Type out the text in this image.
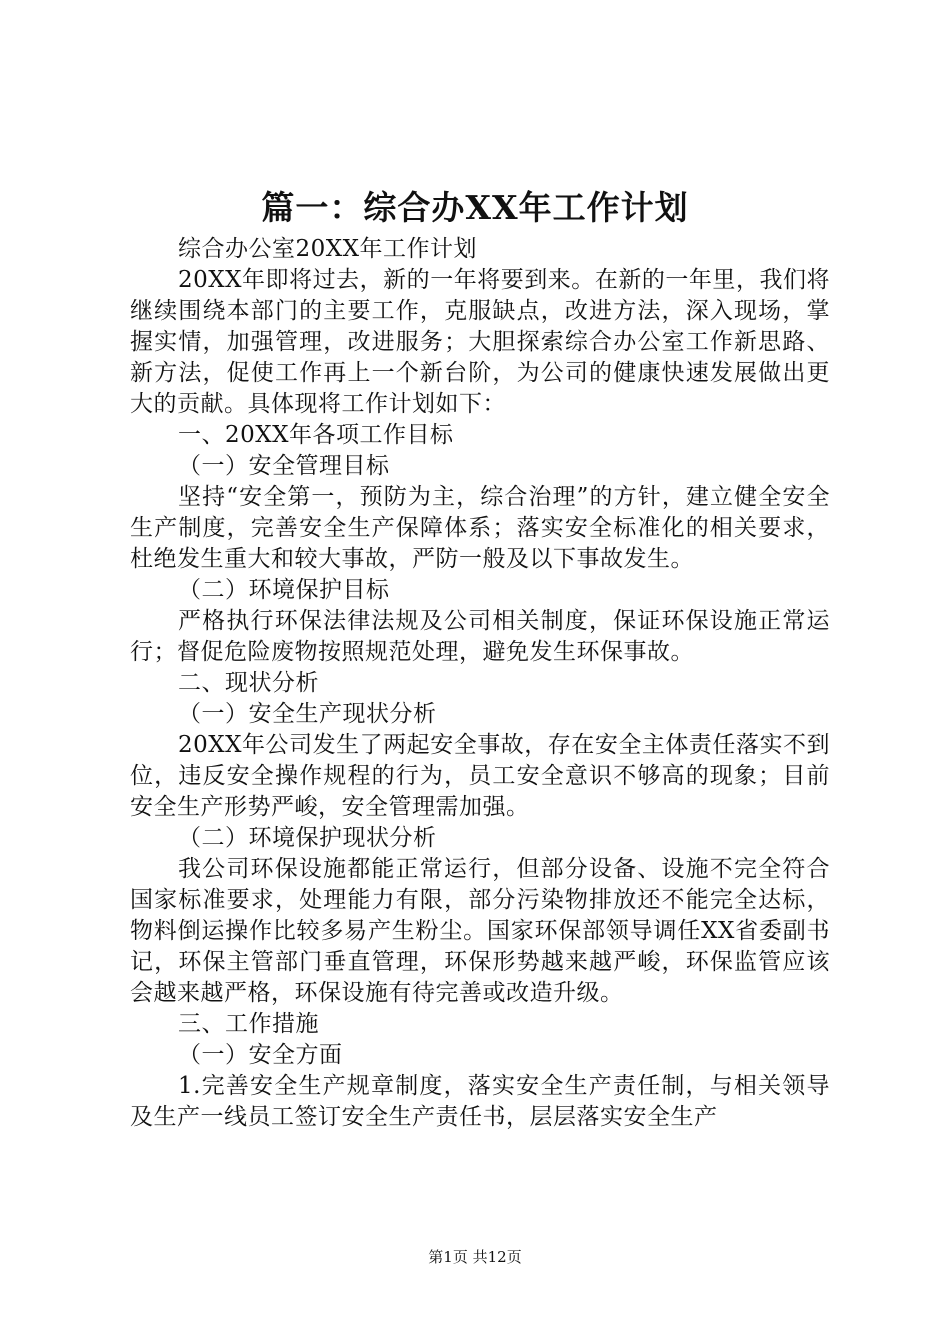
篇一：综合办XX年工作计划

综合办公室20XX年工作计划

20XX年即将过去，新的一年将要到来。在新的一年里，我们将继续围绕本部门的主要工作，克服缺点，改进方法，深入现场，掌握实情，加强管理，改进服务；大胆探索综合办公室工作新思路、新方法，促使工作再上一个新台阶，为公司的健康快速发展做出更大的贡献。具体现将工作计划如下：

一、20XX年各项工作目标

（一）安全管理目标

坚持“安全第一，预防为主，综合治理”的方针，建立健全安全生产制度，完善安全生产保障体系；落实安全标准化的相关要求，杜绝发生重大和较大事故，严防一般及以下事故发生。

（二）环境保护目标

严格执行环保法律法规及公司相关制度，保证环保设施正常运行；督促危险废物按照规范处理，避免发生环保事故。

二、现状分析

（一）安全生产现状分析

20XX年公司发生了两起安全事故，存在安全主体责任落实不到位，违反安全操作规程的行为，员工安全意识不够高的现象；目前安全生产形势严峻，安全管理需加强。

（二）环境保护现状分析

我公司环保设施都能正常运行，但部分设备、设施不完全符合国家标准要求，处理能力有限，部分污染物排放还不能完全达标，物料倒运操作比较多易产生粉尘。国家环保部领导调任XX省委副书记，环保主管部门垂直管理，环保形势越来越严峻，环保监管应该会越来越严格，环保设施有待完善或改造升级。

三、工作措施

（一）安全方面

1.完善安全生产规章制度，落实安全生产责任制，与相关领导及生产一线员工签订安全生产责任书，层层落实安全生产

第1页 共12页
